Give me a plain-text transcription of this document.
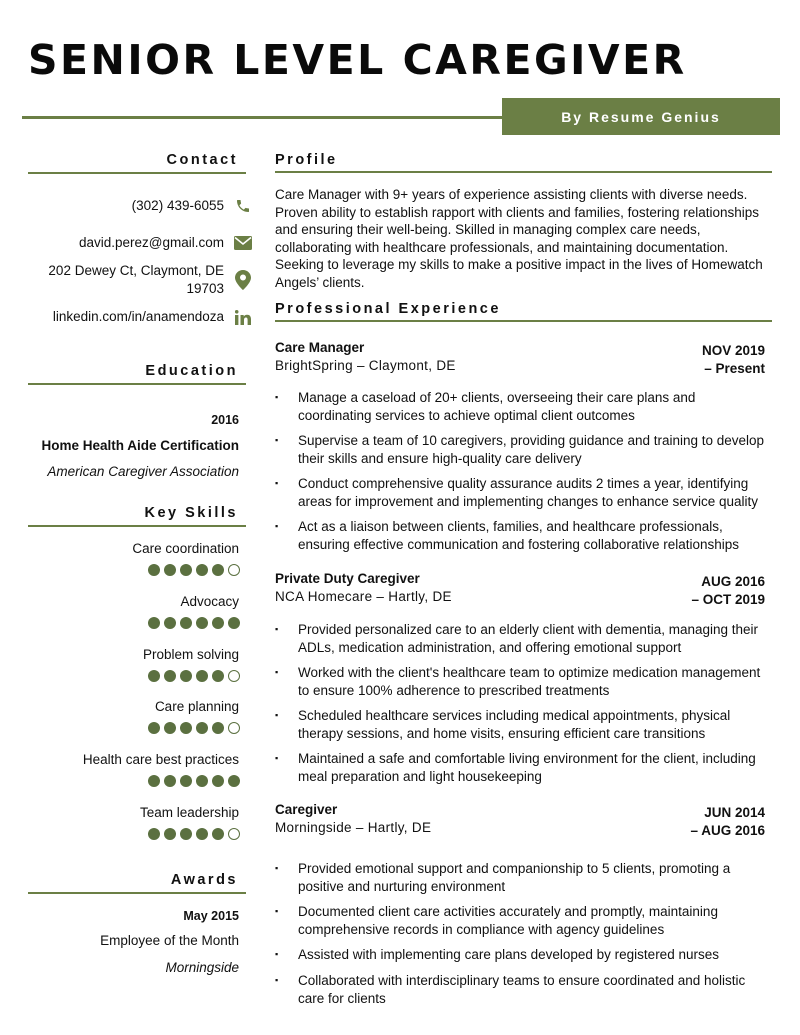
SENIOR LEVEL CAREGIVER
By Resume Genius
Contact
(302) 439-6055
david.perez@gmail.com
202 Dewey Ct, Claymont, DE
19703
linkedin.com/in/anamendoza
Education
2016
Home Health Aide Certification
American Caregiver Association
Key Skills
Care coordination
Advocacy
Problem solving
Care planning
Health care best practices
Team leadership
Awards
May 2015
Employee of the Month
Morningside
Profile

Care Manager with 9+ years of experience assisting clients with diverse needs. Proven ability to establish rapport with clients and families, fostering relationships and ensuring their well-being. Skilled in managing complex care needs, collaborating with healthcare professionals, and maintaining documentation. Seeking to leverage my skills to make a positive impact in the lives of Homewatch Angels’ clients.

Professional Experience
Care Manager
BrightSpring – Claymont, DE
NOV 2019
– Present
▪ Manage a caseload of 20+ clients, overseeing their care plans and coordinating services to achieve optimal client outcomes
▪ Supervise a team of 10 caregivers, providing guidance and training to develop their skills and ensure high-quality care delivery
▪ Conduct comprehensive quality assurance audits 2 times a year, identifying areas for improvement and implementing changes to enhance service quality
▪ Act as a liaison between clients, families, and healthcare professionals, ensuring effective communication and fostering collaborative relationships
Private Duty Caregiver
NCA Homecare – Hartly, DE
AUG 2016
– OCT 2019
▪ Provided personalized care to an elderly client with dementia, managing their ADLs, medication administration, and offering emotional support
▪ Worked with the client's healthcare team to optimize medication management to ensure 100% adherence to prescribed treatments
▪ Scheduled healthcare services including medical appointments, physical therapy sessions, and home visits, ensuring efficient care transitions
▪ Maintained a safe and comfortable living environment for the client, including meal preparation and light housekeeping
Caregiver
Morningside – Hartly, DE
JUN 2014
– AUG 2016
▪ Provided emotional support and companionship to 5 clients, promoting a positive and nurturing environment
▪ Documented client care activities accurately and promptly, maintaining comprehensive records in compliance with agency guidelines
▪ Assisted with implementing care plans developed by registered nurses
▪ Collaborated with interdisciplinary teams to ensure coordinated and holistic care for clients
